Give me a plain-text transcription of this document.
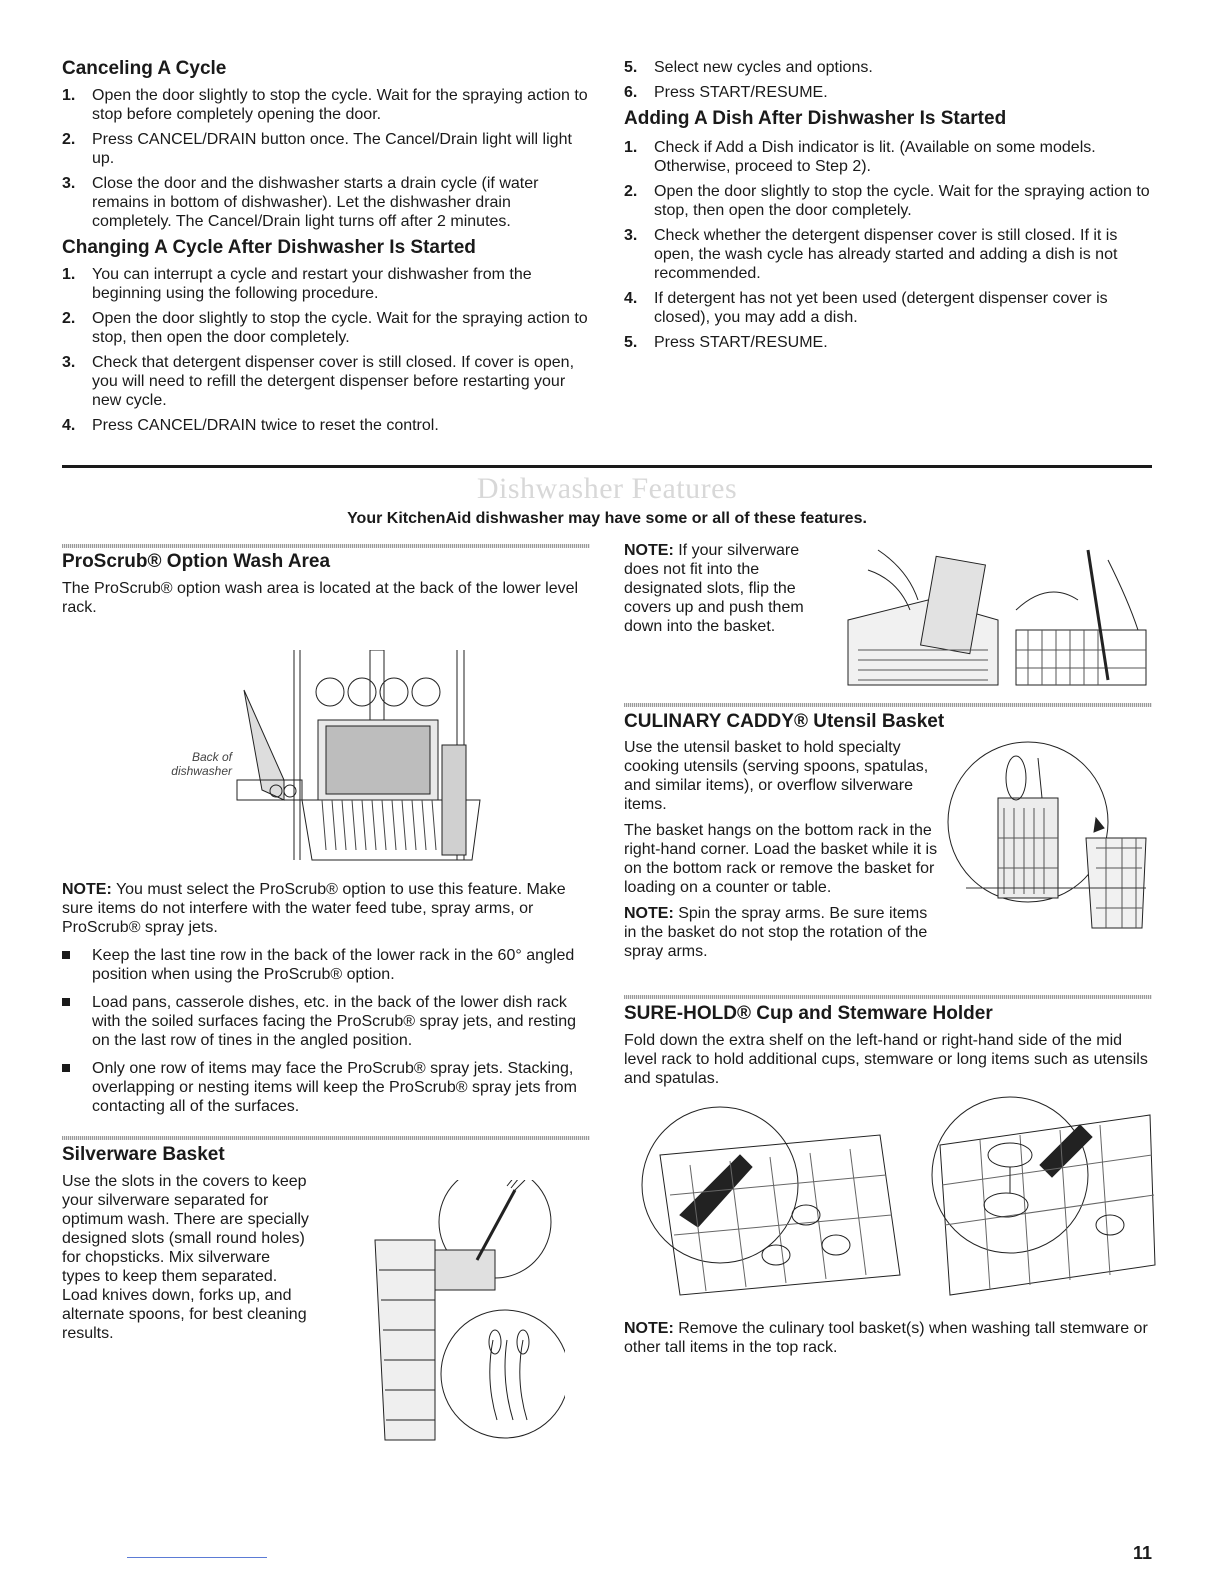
Canceling A Cycle
1. Open the door slightly to stop the cycle. Wait for the spraying action to stop before completely opening the door.
2. Press CANCEL/DRAIN button once. The Cancel/Drain light will light up.
3. Close the door and the dishwasher starts a drain cycle (if water remains in bottom of dishwasher). Let the dishwasher drain completely. The Cancel/Drain light turns off after 2 minutes.
Changing A Cycle After Dishwasher Is Started
1. You can interrupt a cycle and restart your dishwasher from the beginning using the following procedure.
2. Open the door slightly to stop the cycle. Wait for the spraying action to stop, then open the door completely.
3. Check that detergent dispenser cover is still closed. If cover is open, you will need to refill the detergent dispenser before restarting your new cycle.
4. Press CANCEL/DRAIN twice to reset the control.
5. Select new cycles and options.
6. Press START/RESUME.
Adding A Dish After Dishwasher Is Started
1. Check if Add a Dish indicator is lit. (Available on some models. Otherwise, proceed to Step 2).
2. Open the door slightly to stop the cycle. Wait for the spraying action to stop, then open the door completely.
3. Check whether the detergent dispenser cover is still closed. If it is open, the wash cycle has already started and adding a dish is not recommended.
4. If detergent has not yet been used (detergent dispenser cover is closed), you may add a dish.
5. Press START/RESUME.
Dishwasher Features
Your KitchenAid dishwasher may have some or all of these features.
ProScrub® Option Wash Area

The ProScrub® option wash area is located at the back of the lower level rack.

Back of
dishwasher

NOTE: You must select the ProScrub® option to use this feature. Make sure items do not interfere with the water feed tube, spray arms, or ProScrub® spray jets.

Keep the last tine row in the back of the lower rack in the 60° angled position when using the ProScrub® option.
Load pans, casserole dishes, etc. in the back of the lower dish rack with the soiled surfaces facing the ProScrub® spray jets, and resting on the last row of tines in the angled position.
Only one row of items may face the ProScrub® spray jets. Stacking, overlapping or nesting items will keep the ProScrub® spray jets from contacting all of the surfaces.
Silverware Basket

Use the slots in the covers to keep your silverware separated for optimum wash. There are specially designed slots (small round holes) for chopsticks. Mix silverware types to keep them separated. Load knives down, forks up, and alternate spoons, for best cleaning results.

NOTE: If your silverware does not fit into the designated slots, flip the covers up and push them down into the basket.

CULINARY CADDY® Utensil Basket

Use the utensil basket to hold specialty cooking utensils (serving spoons, spatulas, and similar items), or overflow silverware items.

The basket hangs on the bottom rack in the right-hand corner. Load the basket while it is on the bottom rack or remove the basket for loading on a counter or table.

NOTE: Spin the spray arms. Be sure items in the basket do not stop the rotation of the spray arms.

SURE-HOLD® Cup and Stemware Holder

Fold down the extra shelf on the left-hand or right-hand side of the mid level rack to hold additional cups, stemware or long items such as utensils and spatulas.

NOTE: Remove the culinary tool basket(s) when washing tall stemware or other tall items in the top rack.

11
